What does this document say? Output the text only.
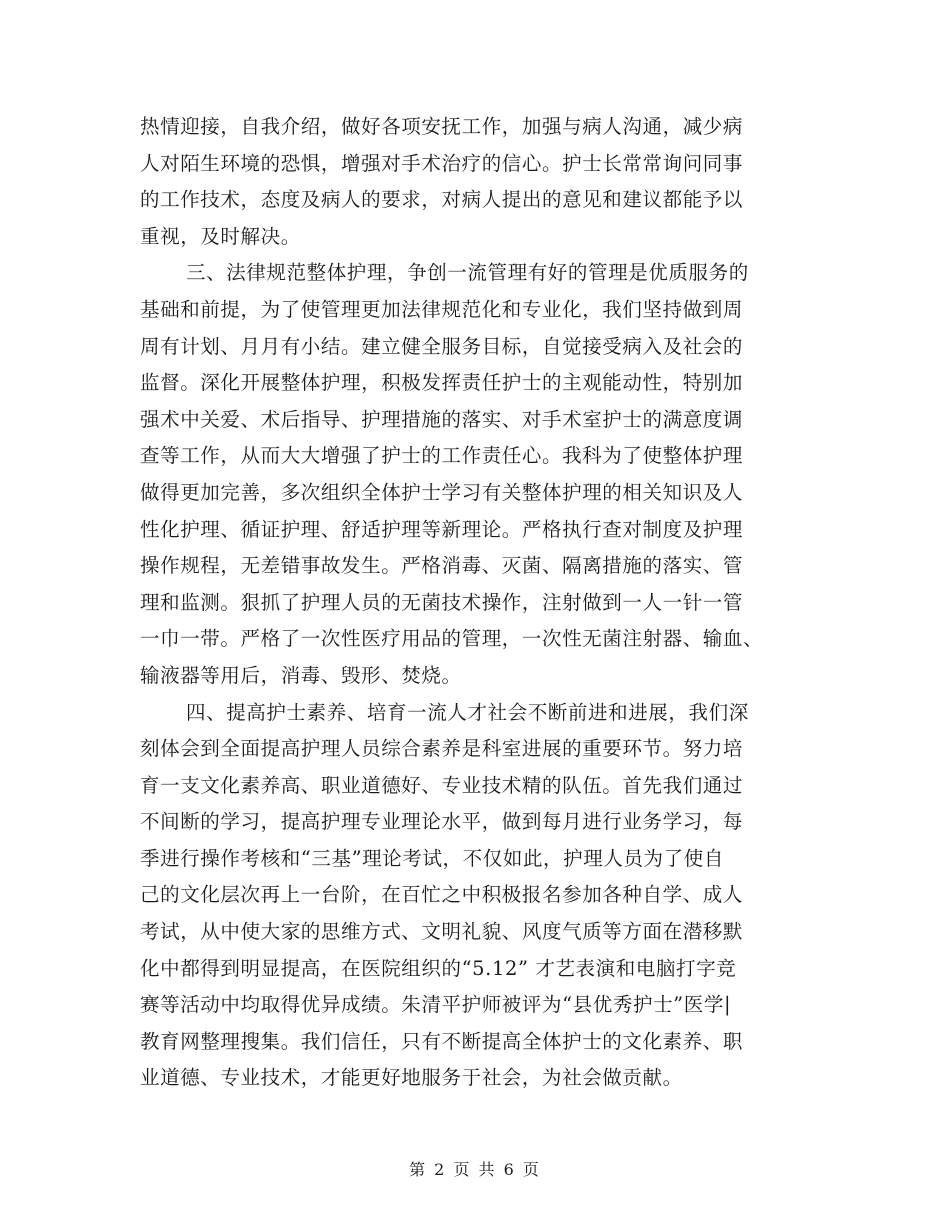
热情迎接，自我介绍，做好各项安抚工作，加强与病人沟通，减少病
人对陌生环境的恐惧，增强对手术治疗的信心。护士长常常询问同事
的工作技术，态度及病人的要求，对病人提出的意见和建议都能予以
重视，及时解决。

三、法律规范整体护理，争创一流管理有好的管理是优质服务的
基础和前提，为了使管理更加法律规范化和专业化，我们坚持做到周
周有计划、月月有小结。建立健全服务目标，自觉接受病入及社会的
监督。深化开展整体护理，积极发挥责任护士的主观能动性，特别加
强术中关爱、术后指导、护理措施的落实、对手术室护士的满意度调
查等工作，从而大大增强了护士的工作责任心。我科为了使整体护理
做得更加完善，多次组织全体护士学习有关整体护理的相关知识及人
性化护理、循证护理、舒适护理等新理论。严格执行查对制度及护理
操作规程，无差错事故发生。严格消毒、灭菌、隔离措施的落实、管
理和监测。狠抓了护理人员的无菌技术操作，注射做到一人一针一管
一巾一带。严格了一次性医疗用品的管理，一次性无菌注射器、输血、
输液器等用后，消毒、毁形、焚烧。

四、提高护士素养、培育一流人才社会不断前进和进展，我们深
刻体会到全面提高护理人员综合素养是科室进展的重要环节。努力培
育一支文化素养高、职业道德好、专业技术精的队伍。首先我们通过
不间断的学习，提高护理专业理论水平，做到每月进行业务学习，每
季进行操作考核和“三基”理论考试，不仅如此，护理人员为了使自
己的文化层次再上一台阶，在百忙之中积极报名参加各种自学、成人
考试，从中使大家的思维方式、文明礼貌、风度气质等方面在潜移默
化中都得到明显提高，在医院组织的“5.12” 才艺表演和电脑打字竞
赛等活动中均取得优异成绩。朱清平护师被评为“县优秀护士”医学|
教育网整理搜集。我们信任，只有不断提高全体护士的文化素养、职
业道德、专业技术，才能更好地服务于社会，为社会做贡献。

第 2 页 共 6 页
